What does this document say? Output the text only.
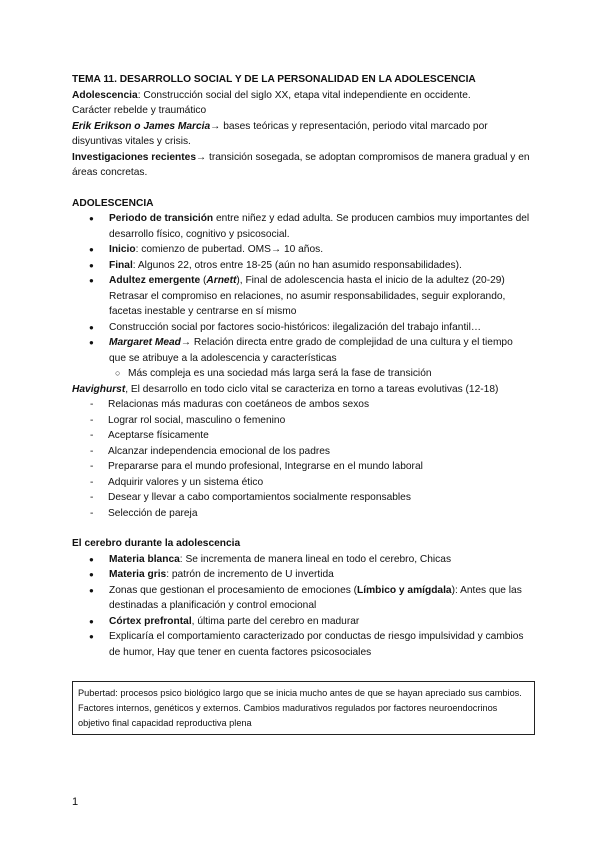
TEMA 11. DESARROLLO SOCIAL Y DE LA PERSONALIDAD EN LA ADOLESCENCIA

Adolescencia: Construcción social del siglo XX, etapa vital independiente en occidente.

Carácter rebelde y traumático

Erik Erikson o James Marcia→ bases teóricas y representación, periodo vital marcado por

disyuntivas vitales y crisis.

Investigaciones recientes→ transición sosegada, se adoptan compromisos de manera gradual y en

áreas concretas.

ADOLESCENCIA

● Periodo de transición entre niñez y edad adulta. Se producen cambios muy importantes del
desarrollo físico, cognitivo y psicosocial.
● Inicio: comienzo de pubertad. OMS→ 10 años.
● Final: Algunos 22, otros entre 18-25 (aún no han asumido responsabilidades).
● Adultez emergente (Arnett), Final de adolescencia hasta el inicio de la adultez (20-29)
Retrasar el compromiso en relaciones, no asumir responsabilidades, seguir explorando,
facetas inestable y centrarse en sí mismo
● Construcción social por factores socio-históricos: ilegalización del trabajo infantil…
● Margaret Mead→ Relación directa entre grado de complejidad de una cultura y el tiempo
que se atribuye a la adolescencia y características
○ Más compleja es una sociedad más larga será la fase de transición

Havighurst, El desarrollo en todo ciclo vital se caracteriza en torno a tareas evolutivas (12-18)

- Relacionas más maduras con coetáneos de ambos sexos
- Lograr rol social, masculino o femenino
- Aceptarse físicamente
- Alcanzar independencia emocional de los padres
- Prepararse para el mundo profesional, Integrarse en el mundo laboral
- Adquirir valores y un sistema ético
- Desear y llevar a cabo comportamientos socialmente responsables
- Selección de pareja

El cerebro durante la adolescencia

● Materia blanca: Se incrementa de manera lineal en todo el cerebro, Chicas
● Materia gris: patrón de incremento de U invertida
● Zonas que gestionan el procesamiento de emociones (Límbico y amígdala): Antes que las
destinadas a planificación y control emocional
● Córtex prefrontal, última parte del cerebro en madurar
● Explicaría el comportamiento caracterizado por conductas de riesgo impulsividad y cambios
de humor, Hay que tener en cuenta factores psicosociales
Pubertad: procesos psico biológico largo que se inicia mucho antes de que se hayan apreciado sus cambios.
Factores internos, genéticos y externos. Cambios madurativos regulados por factores neuroendocrinos
objetivo final capacidad reproductiva plena
1
